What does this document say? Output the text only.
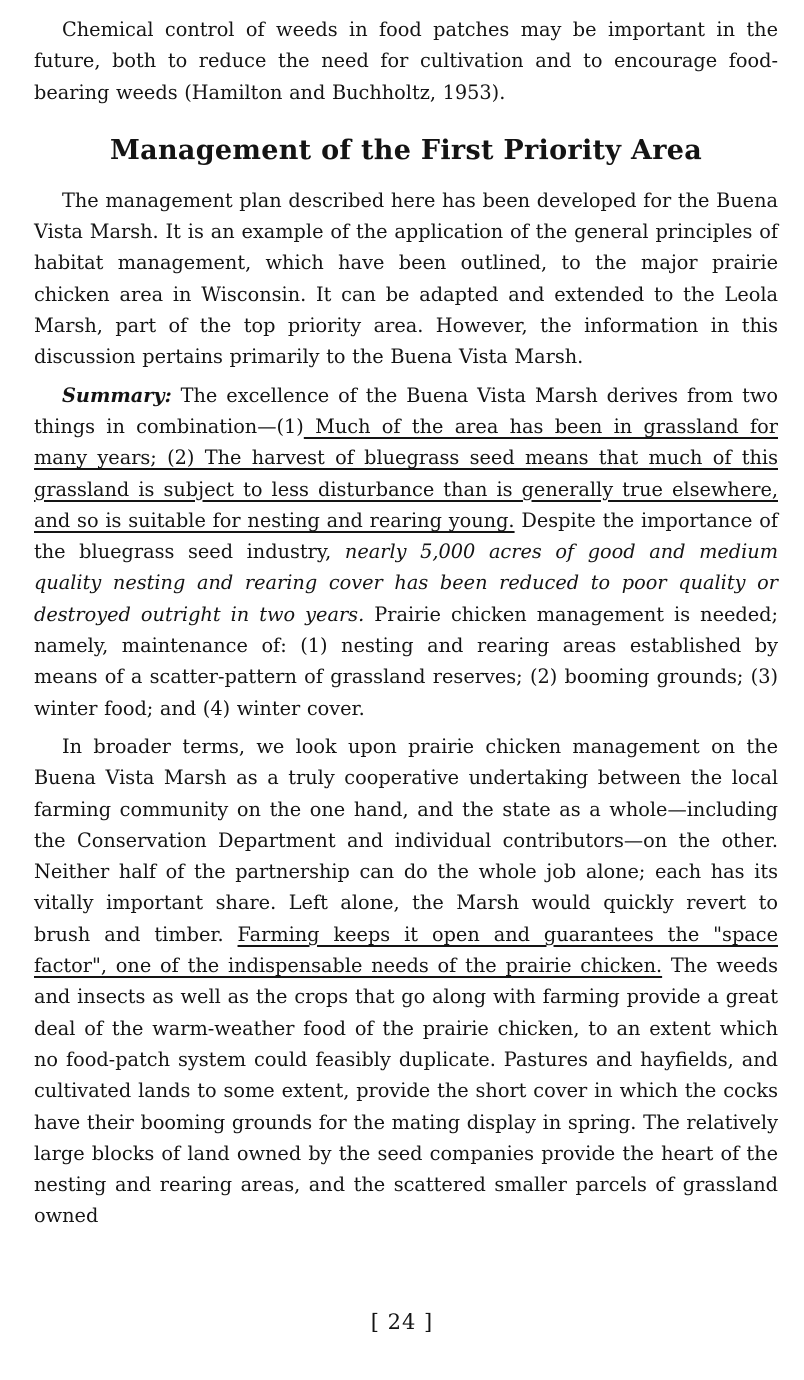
Chemical control of weeds in food patches may be important in the future, both to reduce the need for cultivation and to encourage food-bearing weeds (Hamilton and Buchholtz, 1953).

Management of the First Priority Area

The management plan described here has been developed for the Buena Vista Marsh. It is an example of the application of the general principles of habitat management, which have been outlined, to the major prairie chicken area in Wisconsin. It can be adapted and extended to the Leola Marsh, part of the top priority area. However, the information in this discussion pertains primarily to the Buena Vista Marsh.

Summary: The excellence of the Buena Vista Marsh derives from two things in combination—(1) Much of the area has been in grassland for many years; (2) The harvest of bluegrass seed means that much of this grassland is subject to less disturbance than is generally true elsewhere, and so is suitable for nesting and rearing young. Despite the importance of the bluegrass seed industry, nearly 5,000 acres of good and medium quality nesting and rearing cover has been reduced to poor quality or destroyed outright in two years. Prairie chicken management is needed; namely, maintenance of: (1) nesting and rearing areas established by means of a scatter-pattern of grassland reserves; (2) booming grounds; (3) winter food; and (4) winter cover.

In broader terms, we look upon prairie chicken management on the Buena Vista Marsh as a truly cooperative undertaking between the local farming community on the one hand, and the state as a whole—including the Conservation Department and individual contributors—on the other. Neither half of the partnership can do the whole job alone; each has its vitally important share. Left alone, the Marsh would quickly revert to brush and timber. Farming keeps it open and guarantees the "space factor", one of the indispensable needs of the prairie chicken. The weeds and insects as well as the crops that go along with farming provide a great deal of the warm-weather food of the prairie chicken, to an extent which no food-patch system could feasibly duplicate. Pastures and hayfields, and cultivated lands to some extent, provide the short cover in which the cocks have their booming grounds for the mating display in spring. The relatively large blocks of land owned by the seed companies provide the heart of the nesting and rearing areas, and the scattered smaller parcels of grassland owned

[ 24 ]
